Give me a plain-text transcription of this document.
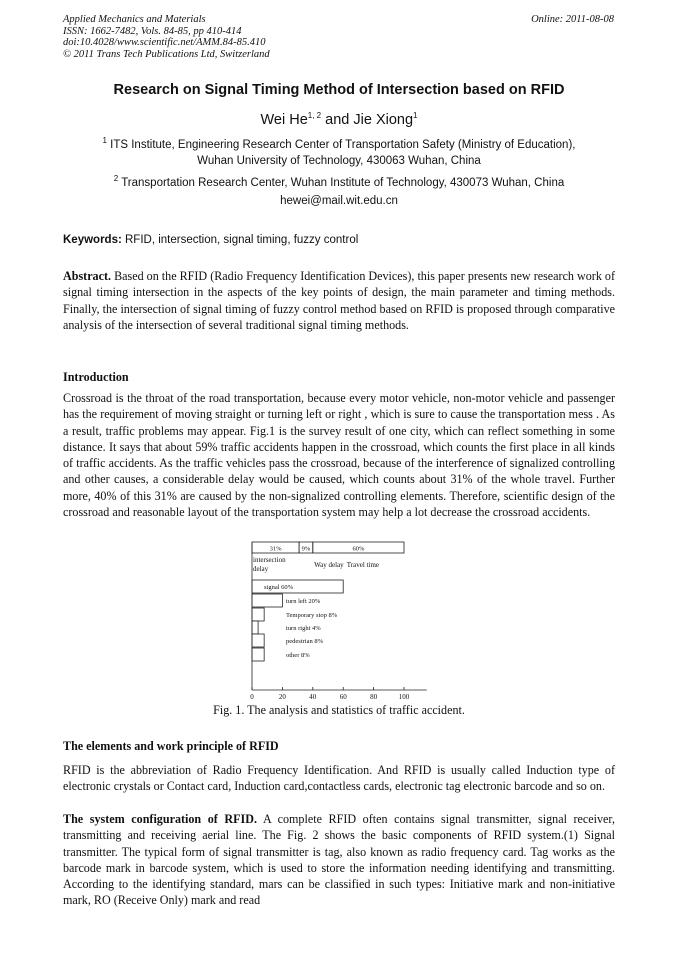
Applied Mechanics and Materials
ISSN: 1662-7482, Vols. 84-85, pp 410-414
doi:10.4028/www.scientific.net/AMM.84-85.410
© 2011 Trans Tech Publications Ltd, Switzerland
Online: 2011-08-08
Research on Signal Timing Method of Intersection based on RFID
Wei He$^{1, 2}$ and Jie Xiong$^1$
$^1$ ITS Institute, Engineering Research Center of Transportation Safety (Ministry of Education),
Wuhan University of Technology, 430063 Wuhan, China
$^2$ Transportation Research Center, Wuhan Institute of Technology, 430073 Wuhan, China
hewei@mail.wit.edu.cn
Keywords: RFID, intersection, signal timing, fuzzy control
Abstract. Based on the RFID (Radio Frequency Identification Devices), this paper presents new research work of signal timing intersection in the aspects of the key points of design, the main parameter and timing methods. Finally, the intersection of signal timing of fuzzy control method based on RFID is proposed through comparative analysis of the intersection of several traditional signal timing methods.
Introduction
Crossroad is the throat of the road transportation, because every motor vehicle, non-motor vehicle and passenger has the requirement of moving straight or turning left or right , which is sure to cause the transportation mess . As a result, traffic problems may appear. Fig.1 is the survey result of one city, which can reflect something in some distance. It says that about 59% traffic accidents happen in the crossroad, which counts the first place in all kinds of traffic accidents. As the traffic vehicles pass the crossroad, because of the interference of signalized controlling and other causes, a considerable delay would be caused, which counts about 31% of the whole travel. Further more, 40% of this 31% are caused by the non-signalized controlling elements. Therefore, scientific design of the crossroad and reasonable layout of the transportation system may help a lot decrease the crossroad accidents.
31%	9%	60%
intersection
delay	Way delay Travel time
signal 60%
turn left 20%
Temporary stop 8%
turn right 4%
pedestrian 8%
other 8%
0	20	40	60	80	100
Fig. 1. The analysis and statistics of traffic accident.
The elements and work principle of RFID
RFID is the abbreviation of Radio Frequency Identification. And RFID is usually called Induction type of electronic crystals or Contact card, Induction card,contactless cards, electronic tag electronic barcode and so on.
The system configuration of RFID. A complete RFID often contains signal transmitter, signal receiver, transmitting and receiving aerial line. The Fig. 2 shows the basic components of RFID system.(1) Signal transmitter. The typical form of signal transmitter is tag, also known as radio frequency card. Tag works as the barcode mark in barcode system, which is used to store the information needing identifying and transmitting. According to the identifying standard, mars can be classified in such types: Initiative mark and non-initiative mark, RO (Receive Only) mark and read
